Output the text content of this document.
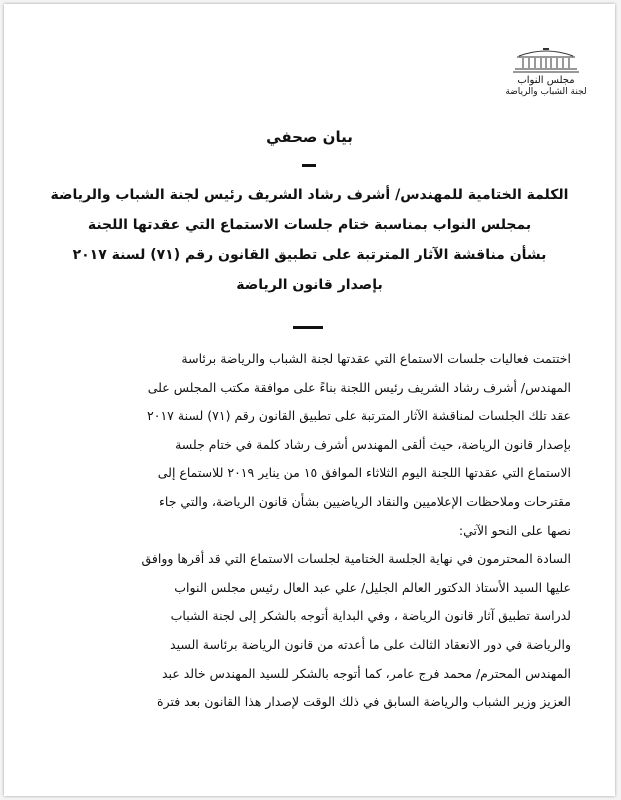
مجلس النواب
لجنة الشباب والرياضة
بيان صحفي
الكلمة الختامية للمهندس/ أشرف رشاد الشريف رئيس لجنة الشباب والرياضة
بمجلس النواب بمناسبة ختام جلسات الاستماع التي عقدتها اللجنة
بشأن مناقشة الآثار المترتبة على تطبيق القانون رقم (٧١) لسنة ٢٠١٧
بإصدار قانون الرياضة
اختتمت فعاليات جلسات الاستماع التي عقدتها لجنة الشباب والرياضة برئاسة
المهندس/ أشرف رشاد الشريف رئيس اللجنة بناءً على موافقة مكتب المجلس على
عقد تلك الجلسات لمناقشة الآثار المترتبة على تطبيق القانون رقم (٧١) لسنة ٢٠١٧
بإصدار قانون الرياضة، حيث ألقى المهندس أشرف رشاد كلمة في ختام جلسة
الاستماع التي عقدتها اللجنة اليوم الثلاثاء الموافق ١٥ من يناير ٢٠١٩ للاستماع إلى
مقترحات وملاحظات الإعلاميين والنقاد الرياضيين بشأن قانون الرياضة، والتي جاء
نصها على النحو الآتي:
السادة المحترمون في نهاية الجلسة الختامية لجلسات الاستماع التي قد أقرها ووافق
عليها السيد الأستاذ الدكتور العالم الجليل/ علي عبد العال رئيس مجلس النواب
لدراسة تطبيق آثار قانون الرياضة ، وفي البداية أتوجه بالشكر إلى لجنة الشباب
والرياضة في دور الانعقاد الثالث على ما أعدته من قانون الرياضة برئاسة السيد
المهندس المحترم/ محمد فرج عامر، كما أتوجه بالشكر للسيد المهندس خالد عبد
العزيز وزير الشباب والرياضة السابق في ذلك الوقت لإصدار هذا القانون بعد فترة
